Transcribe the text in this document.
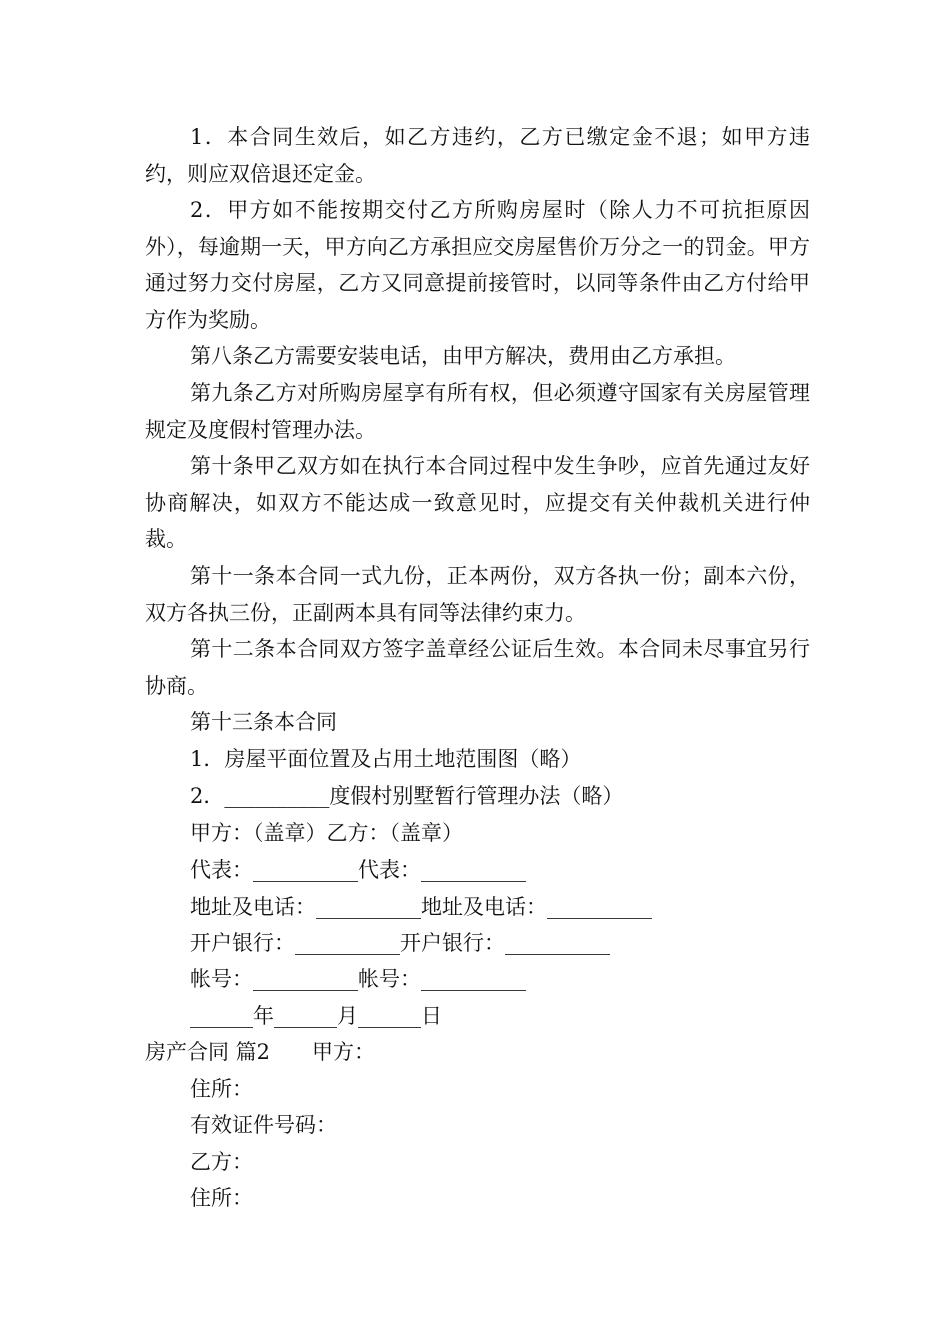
1．本合同生效后，如乙方违约，乙方已缴定金不退；如甲方违约，则应双倍退还定金。

2．甲方如不能按期交付乙方所购房屋时（除人力不可抗拒原因外），每逾期一天，甲方向乙方承担应交房屋售价万分之一的罚金。甲方通过努力交付房屋，乙方又同意提前接管时，以同等条件由乙方付给甲方作为奖励。

第八条乙方需要安装电话，由甲方解决，费用由乙方承担。

第九条乙方对所购房屋享有所有权，但必须遵守国家有关房屋管理规定及度假村管理办法。

第十条甲乙双方如在执行本合同过程中发生争吵，应首先通过友好协商解决，如双方不能达成一致意见时，应提交有关仲裁机关进行仲裁。

第十一条本合同一式九份，正本两份，双方各执一份；副本六份，双方各执三份，正副两本具有同等法律约束力。

第十二条本合同双方签字盖章经公证后生效。本合同未尽事宜另行协商。

第十三条本合同
1．房屋平面位置及占用土地范围图（略）
2．__________度假村别墅暂行管理办法（略）
甲方：（盖章）乙方：（盖章）
代表：__________代表：__________
地址及电话：__________地址及电话：__________
开户银行：__________开户银行：__________
帐号：__________帐号：__________
______年______月______日
房产合同 篇2　　甲方：
住所：
有效证件号码：
乙方：
住所：
